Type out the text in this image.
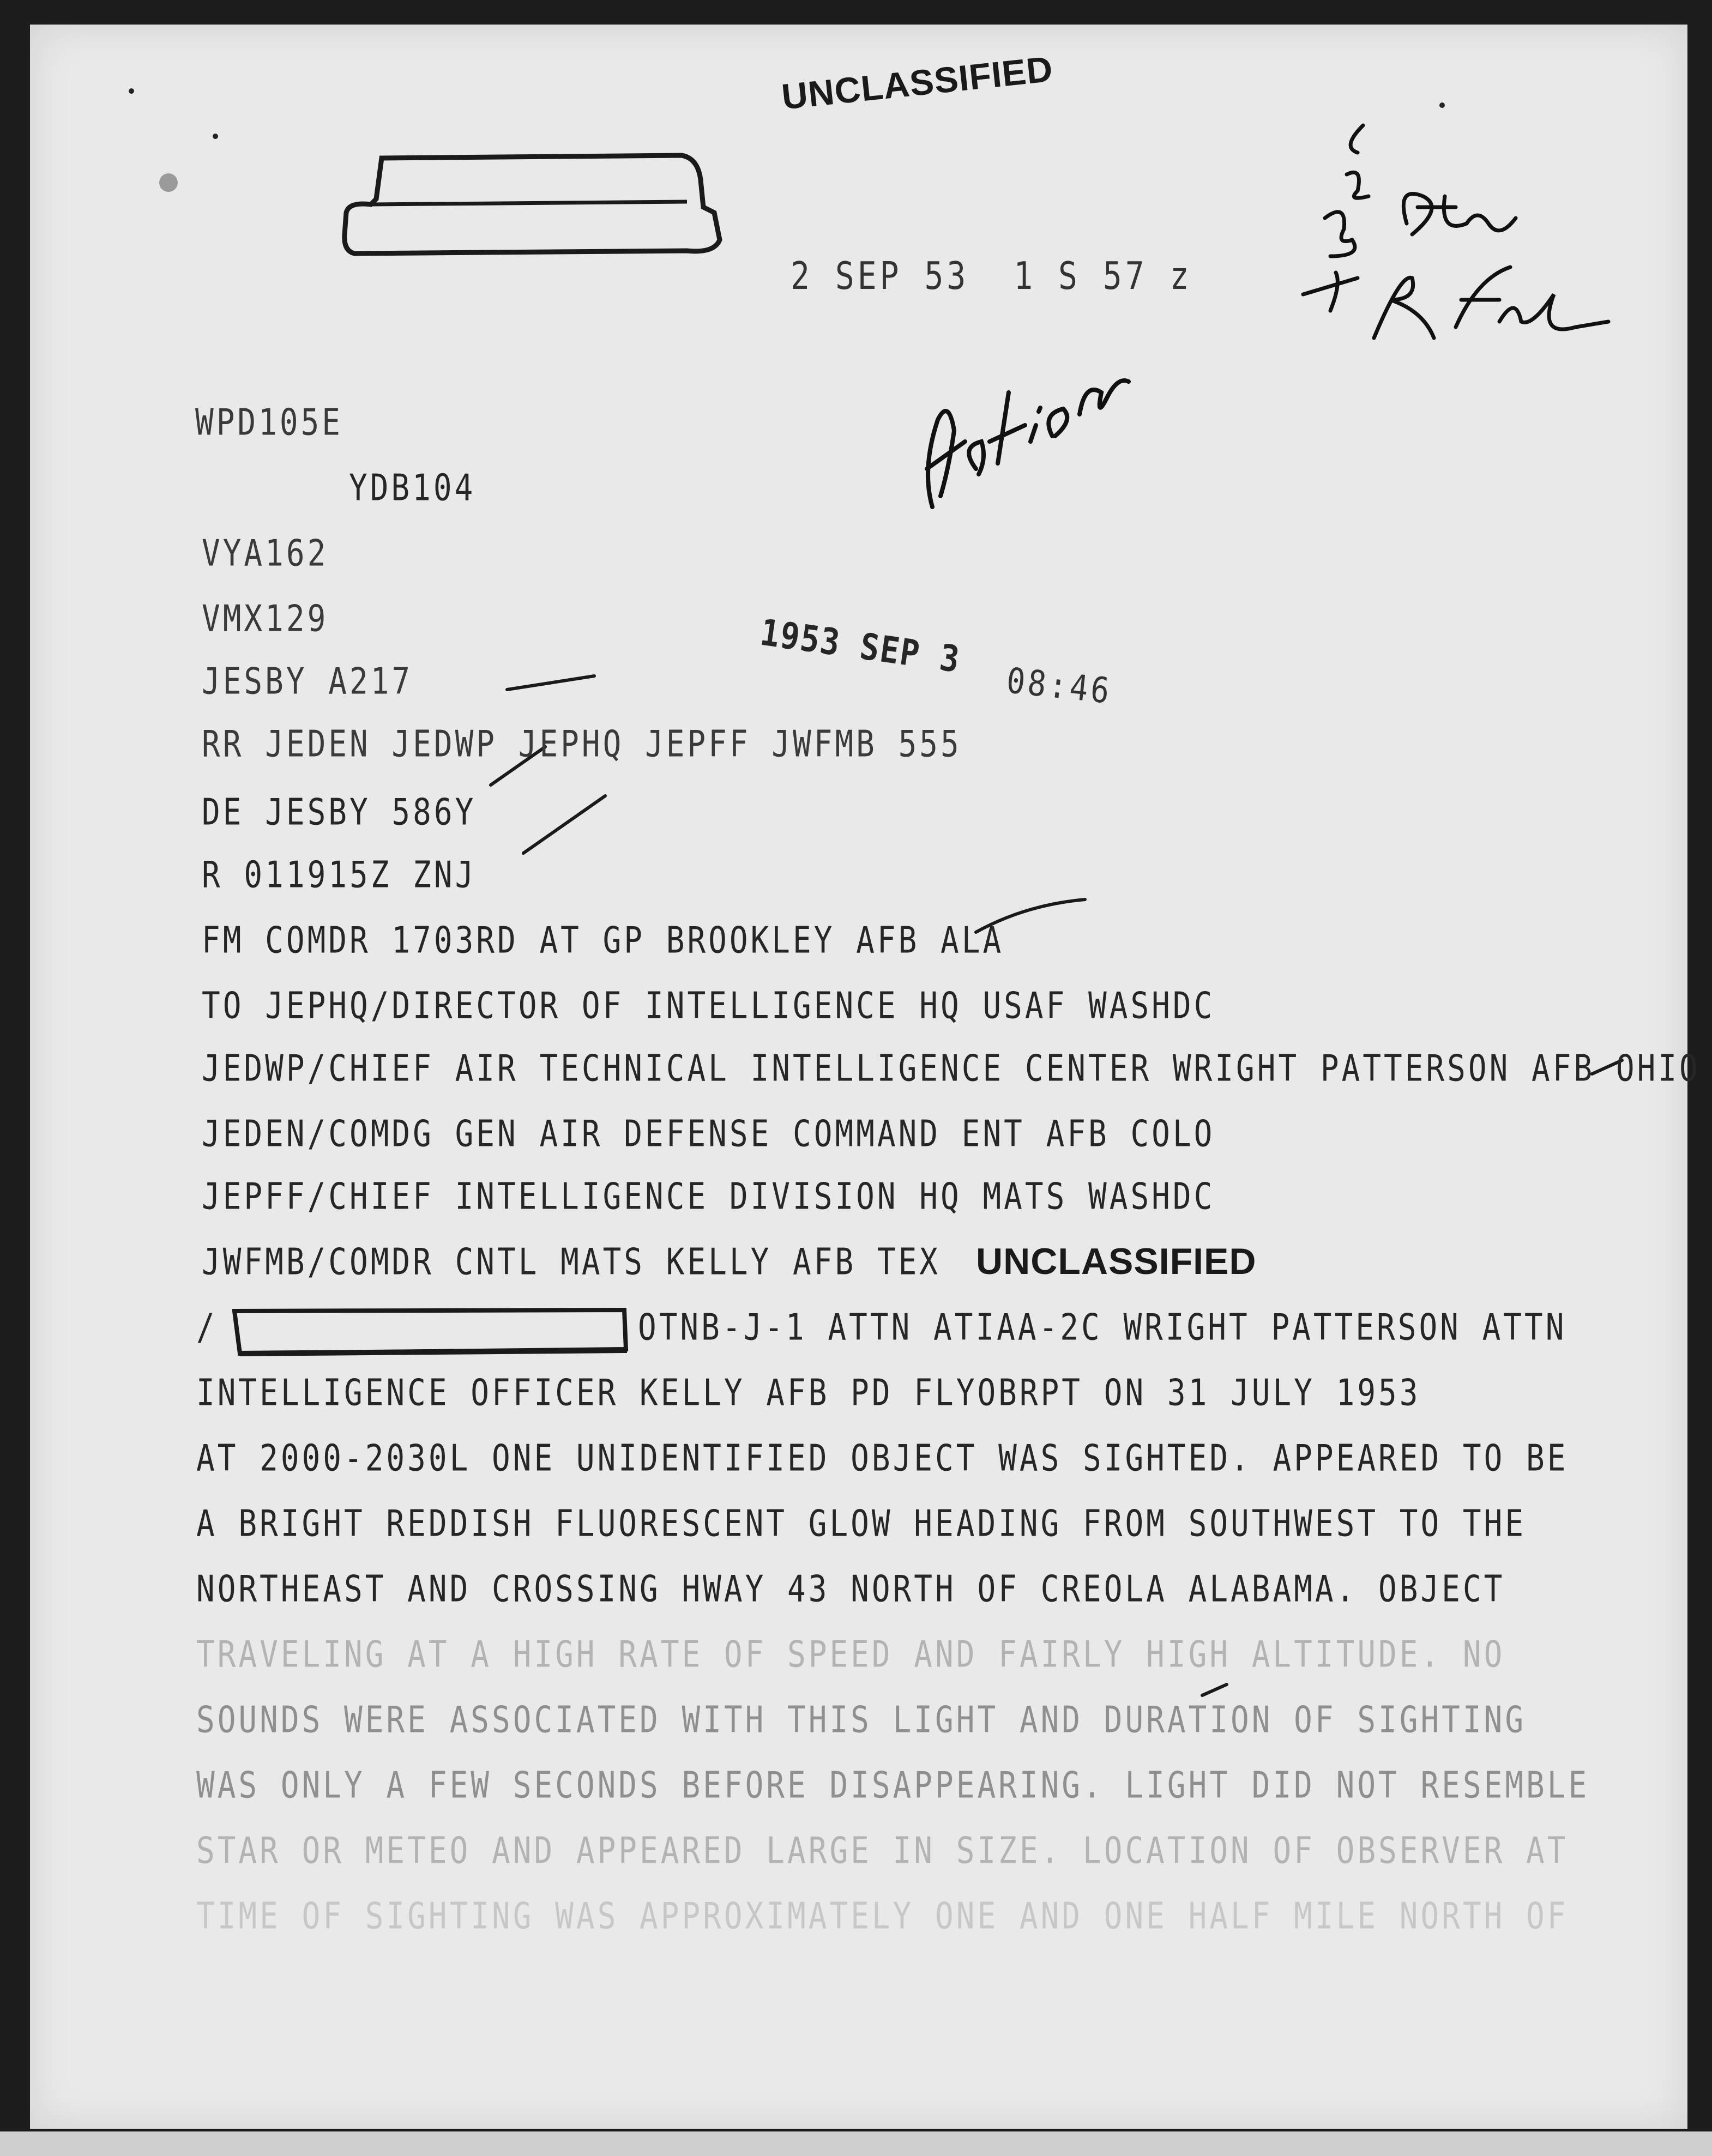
UNCLASSIFIED
2 SEP 53  1 S 57 z
WPD105E
YDB104
VYA162
VMX129
JESBY A217
1953 SEP 3
08:46
RR JEDEN JEDWP JEPHQ JEPFF JWFMB 555
DE JESBY 586Y
R 011915Z ZNJ
FM COMDR 1703RD AT GP BROOKLEY AFB ALA
TO JEPHQ/DIRECTOR OF INTELLIGENCE HQ USAF WASHDC
JEDWP/CHIEF AIR TECHNICAL INTELLIGENCE CENTER WRIGHT PATTERSON AFB OHIO
JEDEN/COMDG GEN AIR DEFENSE COMMAND ENT AFB COLO
JEPFF/CHIEF INTELLIGENCE DIVISION HQ MATS WASHDC
JWFMB/COMDR CNTL MATS KELLY AFB TEX UNCLASSIFIED
/	OTNB-J-1 ATTN ATIAA-2C WRIGHT PATTERSON ATTN
INTELLIGENCE OFFICER KELLY AFB PD FLYOBRPT ON 31 JULY 1953
AT 2000-2030L ONE UNIDENTIFIED OBJECT WAS SIGHTED. APPEARED TO BE
A BRIGHT REDDISH FLUORESCENT GLOW HEADING FROM SOUTHWEST TO THE
NORTHEAST AND CROSSING HWAY 43 NORTH OF CREOLA ALABAMA. OBJECT
TRAVELING AT A HIGH RATE OF SPEED AND FAIRLY HIGH ALTITUDE. NO
SOUNDS WERE ASSOCIATED WITH THIS LIGHT AND DURATION OF SIGHTING
WAS ONLY A FEW SECONDS BEFORE DISAPPEARING. LIGHT DID NOT RESEMBLE
STAR OR METEO AND APPEARED LARGE IN SIZE. LOCATION OF OBSERVER AT
TIME OF SIGHTING WAS APPROXIMATELY ONE AND ONE HALF MILE NORTH OF
